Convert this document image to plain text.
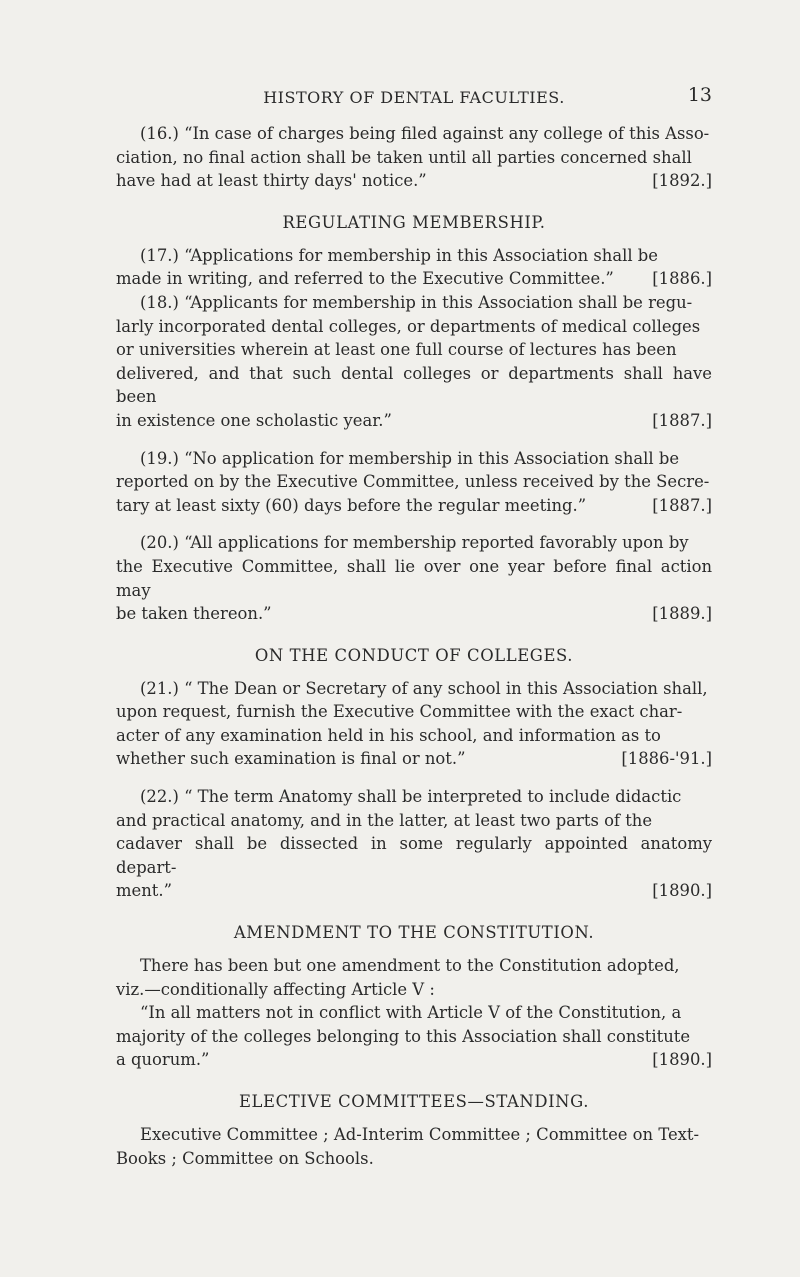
HISTORY OF DENTAL FACULTIES.	13

(16.) “In case of charges being filed against any college of this Asso-

ciation, no final action shall be taken until all parties concerned shall

have had at least thirty days' notice.”	[1892.]

REGULATING MEMBERSHIP.

(17.) “Applications for membership in this Association shall be

made in writing, and referred to the Executive Committee.” [1886.]

(18.) “Applicants for membership in this Association shall be regu-

larly incorporated dental colleges, or departments of medical colleges

or universities wherein at least one full course of lectures has been

delivered, and that such dental colleges or departments shall have been

in existence one scholastic year.”	[1887.]

(19.) “No application for membership in this Association shall be

reported on by the Executive Committee, unless received by the Secre-

tary at least sixty (60) days before the regular meeting.”	[1887.]

(20.) “All applications for membership reported favorably upon by

the Executive Committee, shall lie over one year before final action may

be taken thereon.”	[1889.]

ON THE CONDUCT OF COLLEGES.

(21.) “ The Dean or Secretary of any school in this Association shall,

upon request, furnish the Executive Committee with the exact char-

acter of any examination held in his school, and information as to

whether such examination is final or not.”	[1886-'91.]

(22.) “ The term Anatomy shall be interpreted to include didactic

and practical anatomy, and in the latter, at least two parts of the

cadaver shall be dissected in some regularly appointed anatomy depart-

ment.”	[1890.]

AMENDMENT TO THE CONSTITUTION.

There has been but one amendment to the Constitution adopted,

viz.—conditionally affecting Article V :

“In all matters not in conflict with Article V of the Constitution, a

majority of the colleges belonging to this Association shall constitute

a quorum.”	[1890.]

ELECTIVE COMMITTEES—STANDING.

Executive Committee ; Ad-Interim Committee ; Committee on Text-

Books ; Committee on Schools.
